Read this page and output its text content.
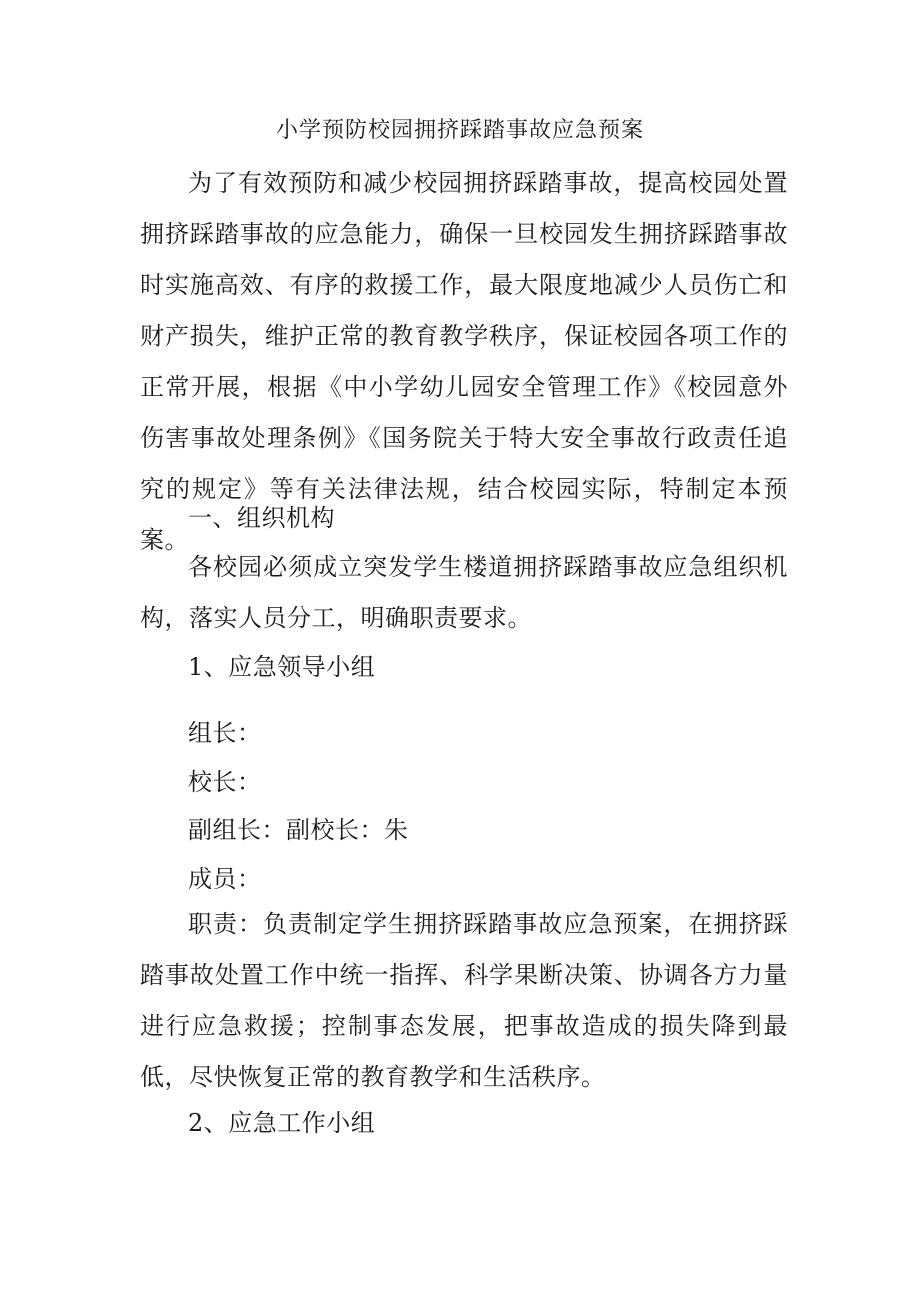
小学预防校园拥挤踩踏事故应急预案

为了有效预防和减少校园拥挤踩踏事故，提高校园处置拥挤踩踏事故的应急能力，确保一旦校园发生拥挤踩踏事故时实施高效、有序的救援工作，最大限度地减少人员伤亡和财产损失，维护正常的教育教学秩序，保证校园各项工作的正常开展，根据《中小学幼儿园安全管理工作》《校园意外伤害事故处理条例》《国务院关于特大安全事故行政责任追究的规定》等有关法律法规，结合校园实际，特制定本预案。

一、组织机构

各校园必须成立突发学生楼道拥挤踩踏事故应急组织机构，落实人员分工，明确职责要求。

1、应急领导小组

组长：

校长：

副组长：副校长：朱

成员：

职责：负责制定学生拥挤踩踏事故应急预案，在拥挤踩踏事故处置工作中统一指挥、科学果断决策、协调各方力量进行应急救援；控制事态发展，把事故造成的损失降到最低，尽快恢复正常的教育教学和生活秩序。

2、应急工作小组
